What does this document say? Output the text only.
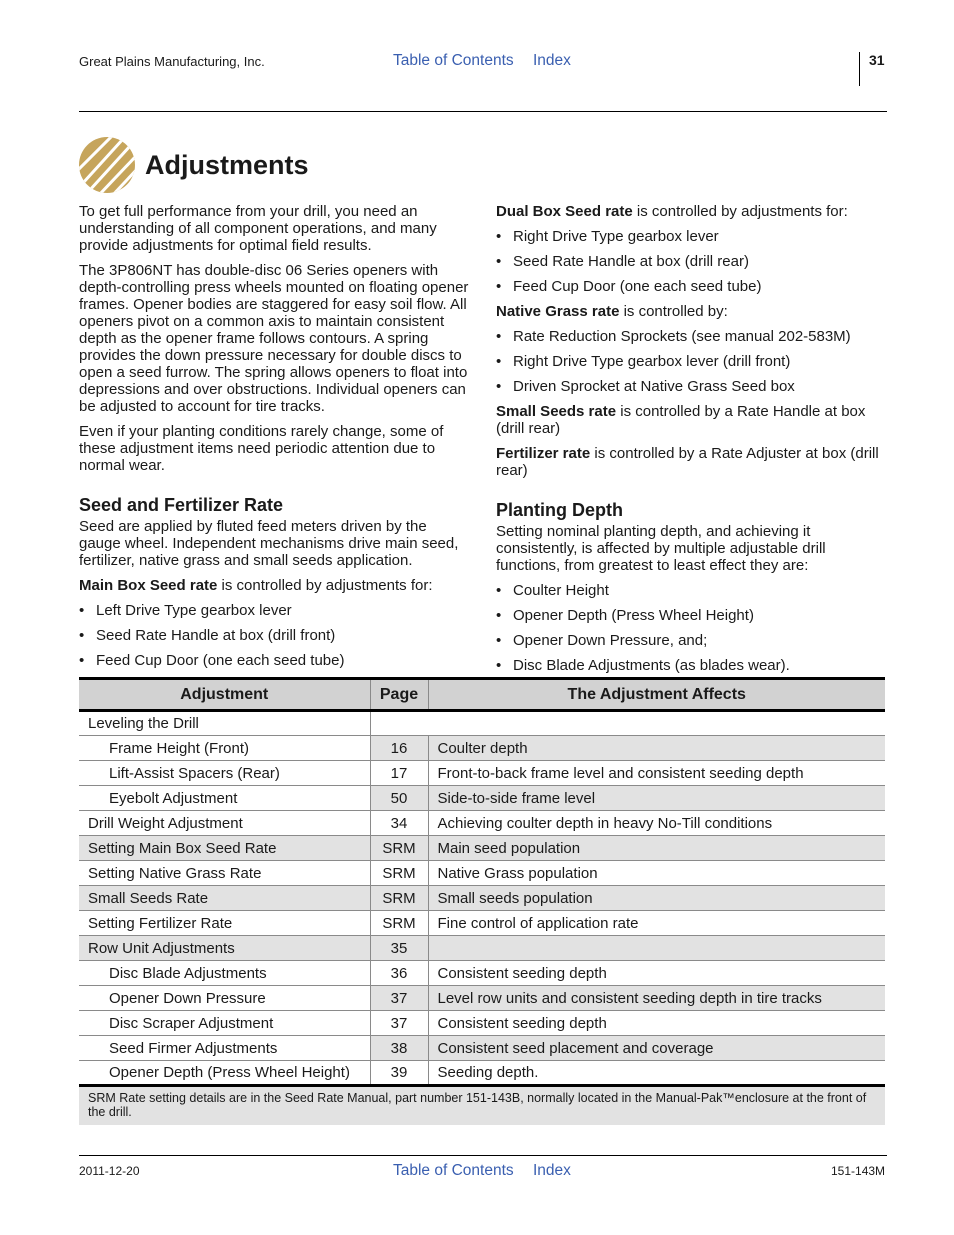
Great Plains Manufacturing, Inc.	Table of Contents Index	31
Adjustments

To get full performance from your drill, you need an understanding of all component operations, and many provide adjustments for optimal field results.

The 3P806NT has double-disc 06 Series openers with depth-controlling press wheels mounted on floating opener frames. Opener bodies are staggered for easy soil flow. All openers pivot on a common axis to maintain consistent depth as the opener frame follows contours. A spring provides the down pressure necessary for double discs to open a seed furrow. The spring allows openers to float into depressions and over obstructions. Individual openers can be adjusted to account for tire tracks.

Even if your planting conditions rarely change, some of these adjustment items need periodic attention due to normal wear.

Seed and Fertilizer Rate

Seed are applied by fluted feed meters driven by the gauge wheel. Independent mechanisms drive main seed, fertilizer, native grass and small seeds application.

Main Box Seed rate is controlled by adjustments for:

• Left Drive Type gearbox lever
• Seed Rate Handle at box (drill front)
• Feed Cup Door (one each seed tube)

Dual Box Seed rate is controlled by adjustments for:

• Right Drive Type gearbox lever
• Seed Rate Handle at box (drill rear)
• Feed Cup Door (one each seed tube)

Native Grass rate is controlled by:

• Rate Reduction Sprockets (see manual 202-583M)
• Right Drive Type gearbox lever (drill front)
• Driven Sprocket at Native Grass Seed box

Small Seeds rate is controlled by a Rate Handle at box (drill rear)

Fertilizer rate is controlled by a Rate Adjuster at box (drill rear)

Planting Depth

Setting nominal planting depth, and achieving it consistently, is affected by multiple adjustable drill functions, from greatest to least effect they are:

• Coulter Height
• Opener Depth (Press Wheel Height)
• Opener Down Pressure, and;
• Disc Blade Adjustments (as blades wear).
Adjustment	Page	The Adjustment Affects
Leveling the Drill		
Frame Height (Front)	16	Coulter depth
Lift-Assist Spacers (Rear)	17	Front-to-back frame level and consistent seeding depth
Eyebolt Adjustment	50	Side-to-side frame level
Drill Weight Adjustment	34	Achieving coulter depth in heavy No-Till conditions
Setting Main Box Seed Rate	SRM	Main seed population
Setting Native Grass Rate	SRM	Native Grass population
Small Seeds Rate	SRM	Small seeds population
Setting Fertilizer Rate	SRM	Fine control of application rate
Row Unit Adjustments	35	
Disc Blade Adjustments	36	Consistent seeding depth
Opener Down Pressure	37	Level row units and consistent seeding depth in tire tracks
Disc Scraper Adjustment	37	Consistent seeding depth
Seed Firmer Adjustments	38	Consistent seed placement and coverage
Opener Depth (Press Wheel Height)	39	Seeding depth.
SRM Rate setting details are in the Seed Rate Manual, part number 151-143B, normally located in the Manual-Pak™enclosure at the front of the drill.		
2011-12-20	Table of Contents Index	151-143M
